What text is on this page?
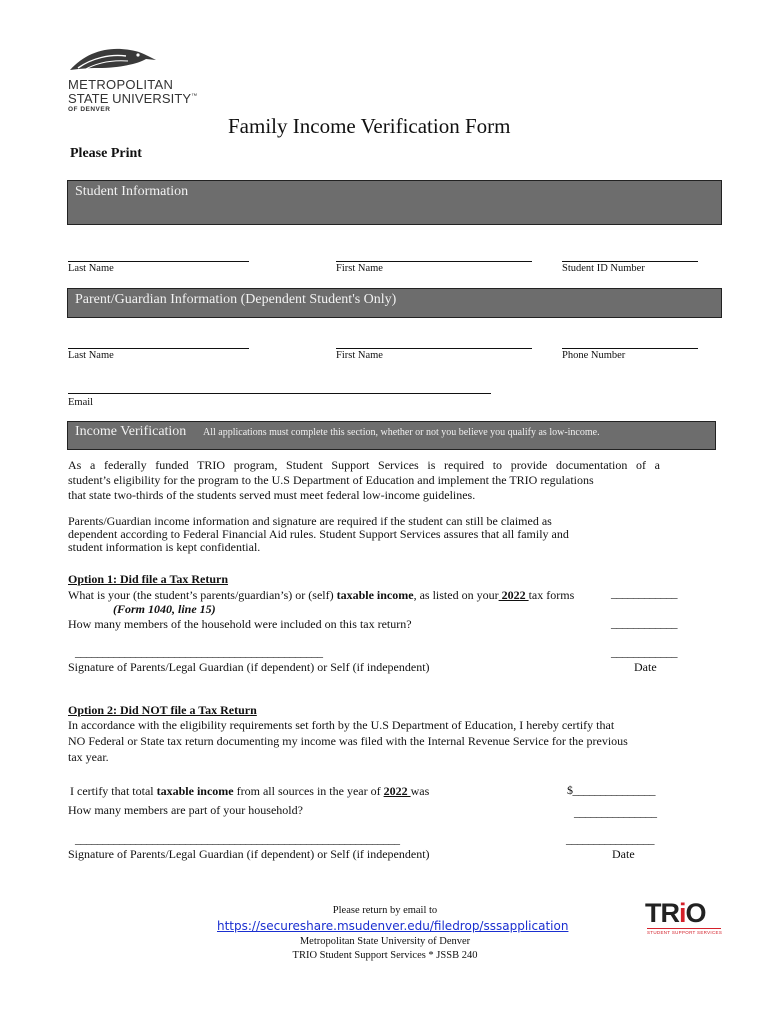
METROPOLITAN
STATE UNIVERSITY™
OF DENVER
Family Income Verification Form
Please Print
Student Information
Last Name	First Name	Student ID Number
Parent/Guardian Information (Dependent Student's Only)
Last Name	First Name	Phone Number
Email
Income Verification All applications must complete this section, whether or not you believe you qualify as low-income.
As a federally funded TRIO program, Student Support Services is required to provide documentation of a
student’s eligibility for the program to the U.S Department of Education and implement the TRIO regulations
that state two-thirds of the students served must meet federal low-income guidelines.
Parents/Guardian income information and signature are required if the student can still be claimed as
dependent according to Federal Financial Aid rules. Student Support Services assures that all family and
student information is kept confidential.
Option 1: Did file a Tax Return
What is your (the student’s parents/guardian’s) or (self) taxable income, as listed on your 2022 tax forms	____________
(Form 1040, line 15)
How many members of the household were included on this tax return?	____________
_____________________________________________	____________
Signature of Parents/Legal Guardian (if dependent) or Self (if independent)	Date
Option 2: Did NOT file a Tax Return
In accordance with the eligibility requirements set forth by the U.S Department of Education, I hereby certify that
NO Federal or State tax return documenting my income was filed with the Internal Revenue Service for the previous
tax year.
I certify that total taxable income from all sources in the year of 2022 was	$_______________
How many members are part of your household?	_______________
___________________________________________________________	________________
Signature of Parents/Legal Guardian (if dependent) or Self (if independent)	Date
Please return by email to
https://secureshare.msudenver.edu/filedrop/sssapplication
Metropolitan State University of Denver
TRIO Student Support Services * JSSB 240
TRiO
STUDENT SUPPORT SERVICES
